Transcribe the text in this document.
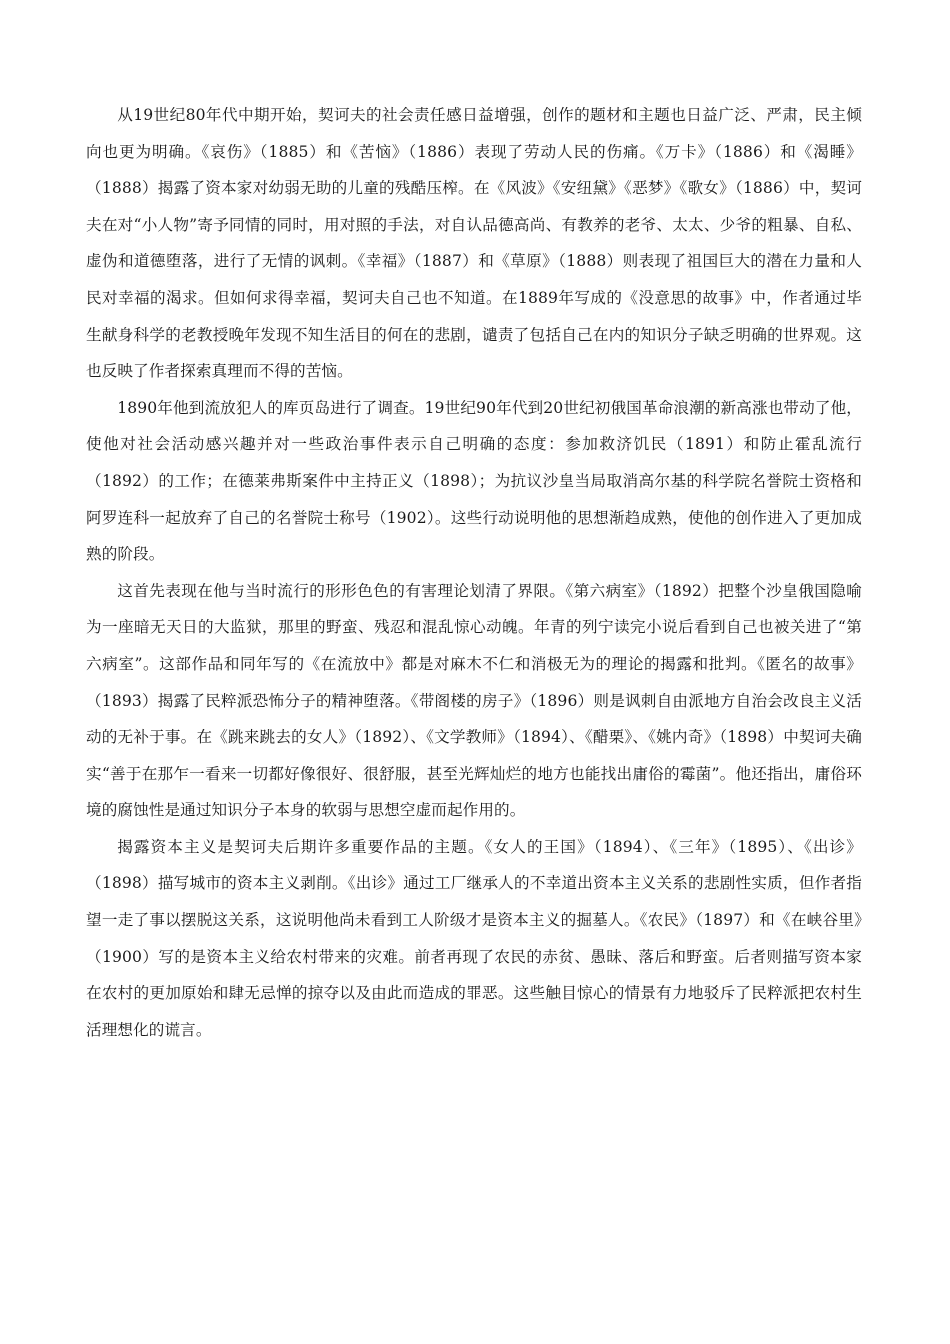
从19世纪80年代中期开始，契诃夫的社会责任感日益增强，创作的题材和主题也日益广泛、严肃，民主倾向也更为明确。《哀伤》（1885）和《苦恼》（1886）表现了劳动人民的伤痛。《万卡》（1886）和《渴睡》（1888）揭露了资本家对幼弱无助的儿童的残酷压榨。在《风波》《安纽黛》《恶梦》《歌女》（1886）中，契诃夫在对“小人物”寄予同情的同时，用对照的手法，对自认品德高尚、有教养的老爷、太太、少爷的粗暴、自私、虚伪和道德堕落，进行了无情的讽刺。《幸福》（1887）和《草原》（1888）则表现了祖国巨大的潜在力量和人民对幸福的渴求。但如何求得幸福，契诃夫自己也不知道。在1889年写成的《没意思的故事》中，作者通过毕生献身科学的老教授晚年发现不知生活目的何在的悲剧，谴责了包括自己在内的知识分子缺乏明确的世界观。这也反映了作者探索真理而不得的苦恼。

1890年他到流放犯人的库页岛进行了调查。19世纪90年代到20世纪初俄国革命浪潮的新高涨也带动了他，使他对社会活动感兴趣并对一些政治事件表示自己明确的态度：参加救济饥民（1891）和防止霍乱流行（1892）的工作；在德莱弗斯案件中主持正义（1898）；为抗议沙皇当局取消高尔基的科学院名誉院士资格和阿罗连科一起放弃了自己的名誉院士称号（1902）。这些行动说明他的思想渐趋成熟，使他的创作进入了更加成熟的阶段。

这首先表现在他与当时流行的形形色色的有害理论划清了界限。《第六病室》（1892）把整个沙皇俄国隐喻为一座暗无天日的大监狱，那里的野蛮、残忍和混乱惊心动魄。年青的列宁读完小说后看到自己也被关进了“第六病室”。这部作品和同年写的《在流放中》都是对麻木不仁和消极无为的理论的揭露和批判。《匿名的故事》（1893）揭露了民粹派恐怖分子的精神堕落。《带阁楼的房子》（1896）则是讽刺自由派地方自治会改良主义活动的无补于事。在《跳来跳去的女人》（1892）、《文学教师》（1894）、《醋栗》、《姚内奇》（1898）中契诃夫确实“善于在那乍一看来一切都好像很好、很舒服，甚至光辉灿烂的地方也能找出庸俗的霉菌”。他还指出，庸俗环境的腐蚀性是通过知识分子本身的软弱与思想空虚而起作用的。

揭露资本主义是契诃夫后期许多重要作品的主题。《女人的王国》（1894）、《三年》（1895）、《出诊》（1898）描写城市的资本主义剥削。《出诊》通过工厂继承人的不幸道出资本主义关系的悲剧性实质，但作者指望一走了事以摆脱这关系，这说明他尚未看到工人阶级才是资本主义的掘墓人。《农民》（1897）和《在峡谷里》（1900）写的是资本主义给农村带来的灾难。前者再现了农民的赤贫、愚昧、落后和野蛮。后者则描写资本家在农村的更加原始和肆无忌惮的掠夺以及由此而造成的罪恶。这些触目惊心的情景有力地驳斥了民粹派把农村生活理想化的谎言。
